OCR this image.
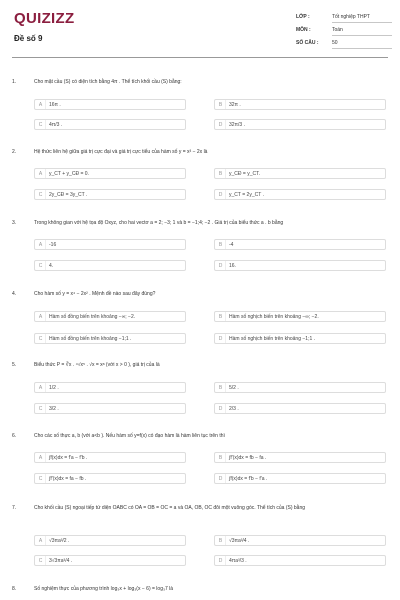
QUIZIZZ
Đề số 9
LỚP :	Tốt nghiệp THPT
MÔN :	Toán
SỐ CÂU :	50
1.	Cho mặt cầu (S) có diện tích bằng 4π . Thể tích khối cầu (S) bằng:
A	16π .	B	32π .
C	4π/3 .	D	32π/3 .
2.	Hệ thức liên hệ giữa giá trị cực đại và giá trị cực tiểu của hàm số y = x³ − 2x là
A	y_CT + y_CĐ = 0.	B	y_CĐ = y_CT.
C	2y_CĐ = 3y_CT .	D	y_CT = 2y_CT .
3.	Trong không gian với hệ tọa độ Oxyz, cho hai vectơ a = 2; −3; 1 và b = −1;4; −2 . Giá trị của biểu thức a . b bằng
A	-16	B	-4
C	4.	D	16.
4.	Cho hàm số y = x⁴ − 2x² . Mệnh đề nào sau đây đúng?
A	Hàm số đồng biến trên khoảng −∞; −2.	B	Hàm số nghịch biến trên khoảng −∞; −2.
C	Hàm số đồng biến trên khoảng −1;1 .	D	Hàm số nghịch biến trên khoảng −1;1 .
5.	Biểu thức P = ∛x . ⁴√x⁵ . √x = xᵃ (với x > 0 ), giá trị của là
A	1/2 .	B	5/2 .
C	3/2 .	D	2/3 .
6.	Cho các số thực a, b (với a<b ). Nếu hàm số y=f(x) có đạo hàm là hàm liên tục trên thì
A	∫f(x)dx = f′a − f′b .	B	∫f′(x)dx = fb − fa .
C	∫f′(x)dx = fa − fb .	D	∫f(x)dx = f′b − f′a .
7.	Cho khối cầu (S) ngoại tiếp tứ diện OABC có OA = OB = OC = a và OA, OB, OC đôi một vuông góc. Thể tích của (S) bằng
A	√3πa³/2 .	B	√3πa³/4 .
C	3√3πa³/4 .	D	4πa³/3 .
8.	Số nghiệm thực của phương trình log₃x + log₃(x − 6) = log₃7 là
